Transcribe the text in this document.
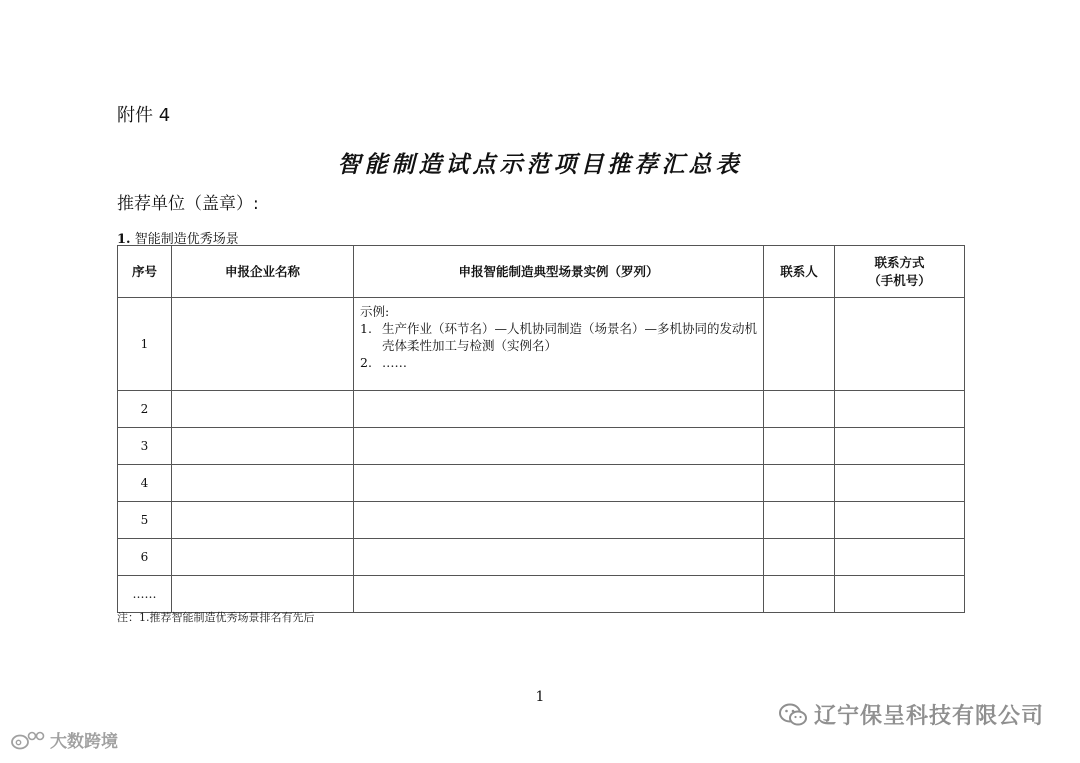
附件 4
智能制造试点示范项目推荐汇总表
推荐单位（盖章）:
1. 智能制造优秀场景
序号	申报企业名称	申报智能制造典型场景实例（罗列）	联系人	联系方式
（手机号）

1		示例:
1. 生产作业（环节名）—人机协同制造（场景名）—多机协同的发动机壳体柔性加工与检测（实例名）
2. ……		

2				
3				
4				
5				
6				
……				
注：1.推荐智能制造优秀场景排名有先后
1
辽宁保呈科技有限公司
大数跨境
